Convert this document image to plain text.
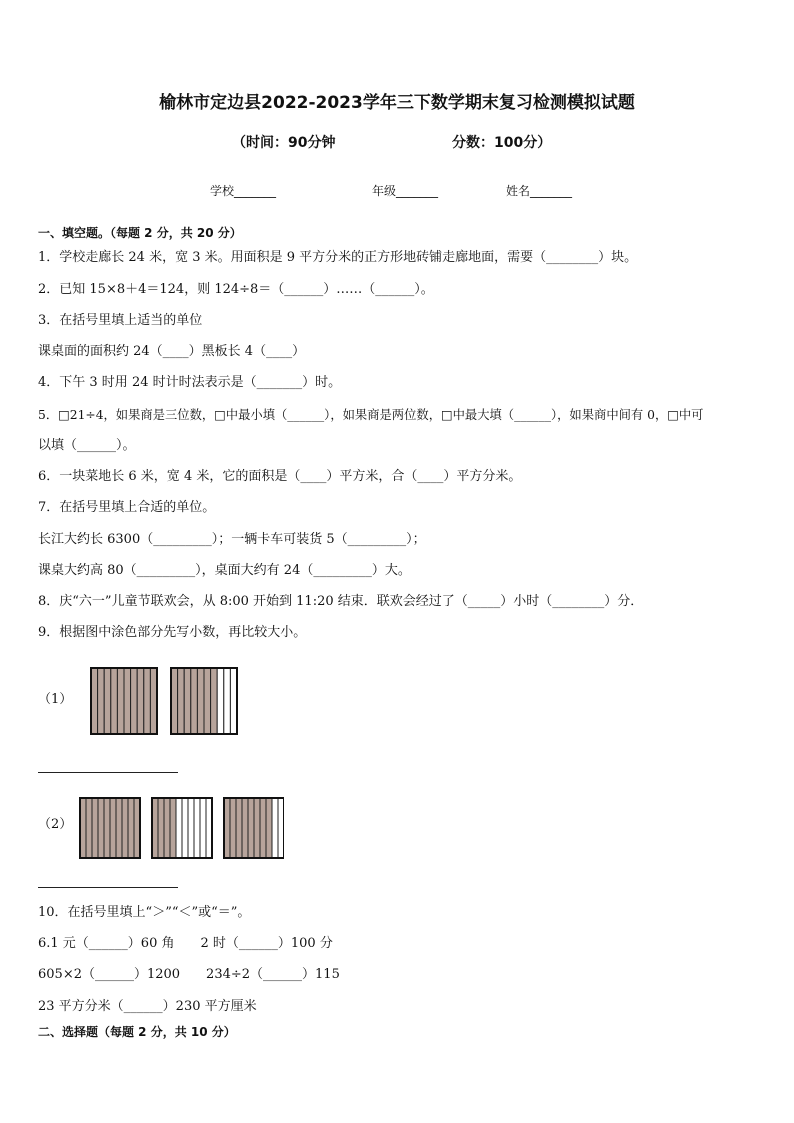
榆林市定边县2022-2023学年三下数学期末复习检测模拟试题
（时间：90分钟	分数：100分）
学校_______	年级_______	姓名_______
一、填空题。（每题 2 分，共 20 分）
1．学校走廊长 24 米，宽 3 米。用面积是 9 平方分米的正方形地砖铺走廊地面，需要（________）块。
2．已知 15×8＋4＝124，则 124÷8＝（______）……（______）。
3．在括号里填上适当的单位
课桌面的面积约 24（____）黑板长 4（____）
4．下午 3 时用 24 时计时法表示是（_______）时。
5．□21÷4，如果商是三位数，□中最小填（______），如果商是两位数，□中最大填（______），如果商中间有 0，□中可
以填（______）。
6．一块菜地长 6 米，宽 4 米，它的面积是（____）平方米，合（____）平方分米。
7．在括号里填上合适的单位。
长江大约长 6300（_________）；一辆卡车可装货 5（_________）；
课桌大约高 80（_________），桌面大约有 24（_________）大。
8．庆“六一”儿童节联欢会，从 8:00 开始到 11:20 结束．联欢会经过了（_____）小时（________）分．
9．根据图中涂色部分先写小数，再比较大小。
（1）
（2）
10．在括号里填上“＞”“＜”或“＝”。
6.1 元（______）60 角　　2 时（______）100 分
605×2（______）1200　　234÷2（______）115
23 平方分米（______）230 平方厘米
二、选择题（每题 2 分，共 10 分）
